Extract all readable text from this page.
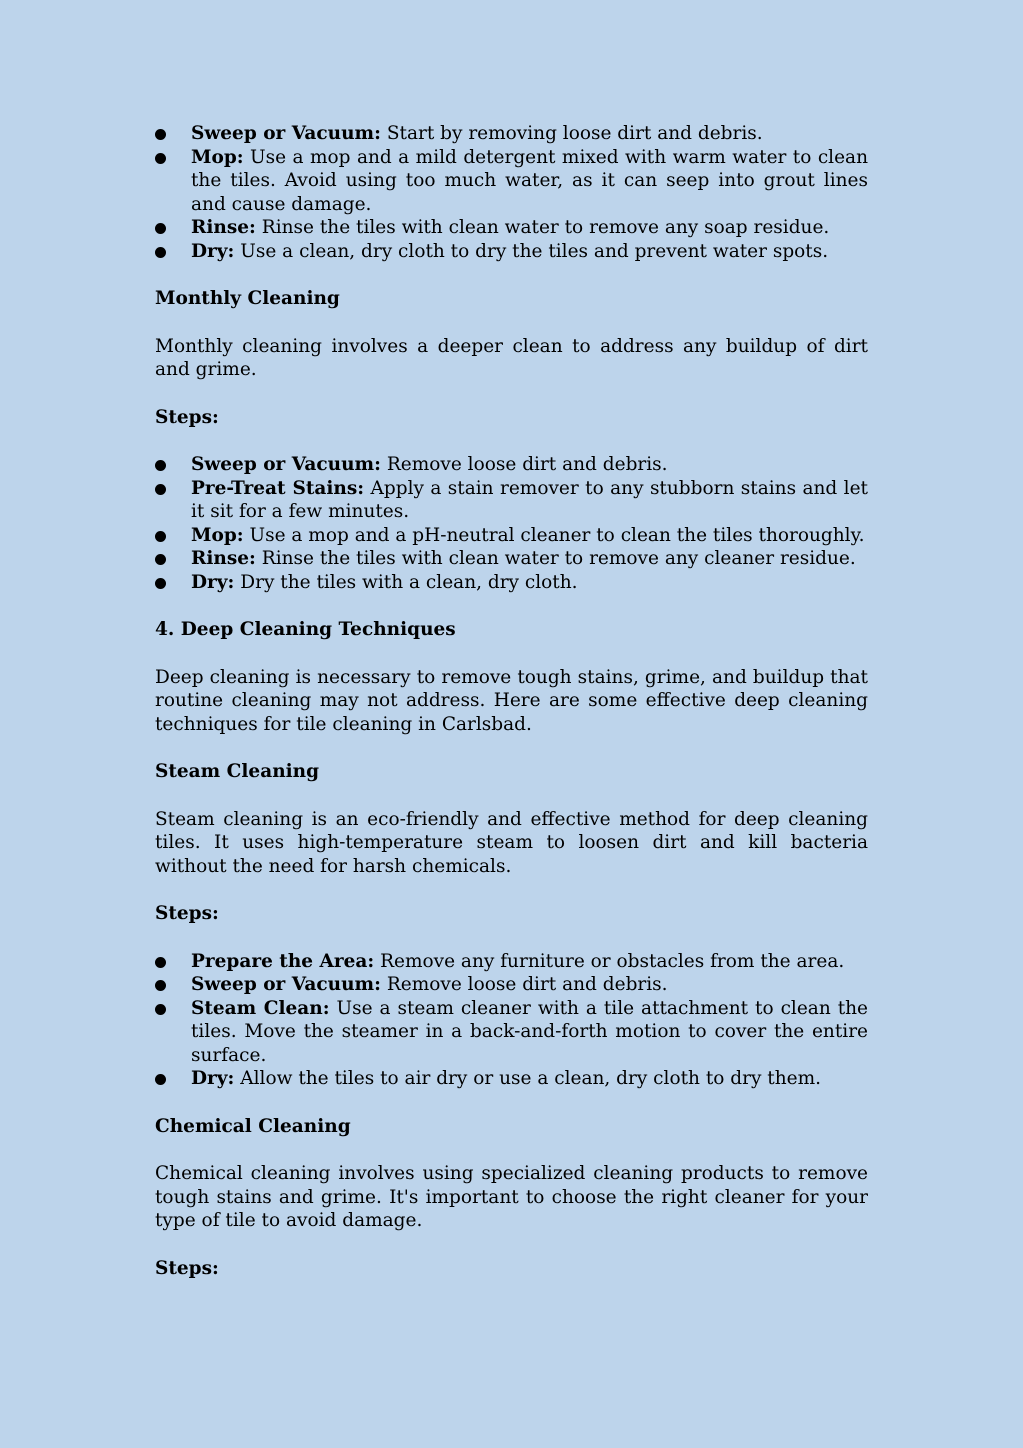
Sweep or Vacuum: Start by removing loose dirt and debris.
Mop: Use a mop and a mild detergent mixed with warm water to clean the tiles. Avoid using too much water, as it can seep into grout lines and cause damage.
Rinse: Rinse the tiles with clean water to remove any soap residue.
Dry: Use a clean, dry cloth to dry the tiles and prevent water spots.
Monthly Cleaning

Monthly cleaning involves a deeper clean to address any buildup of dirt and grime.

Steps:
Sweep or Vacuum: Remove loose dirt and debris.
Pre-Treat Stains: Apply a stain remover to any stubborn stains and let it sit for a few minutes.
Mop: Use a mop and a pH-neutral cleaner to clean the tiles thoroughly.
Rinse: Rinse the tiles with clean water to remove any cleaner residue.
Dry: Dry the tiles with a clean, dry cloth.
4. Deep Cleaning Techniques

Deep cleaning is necessary to remove tough stains, grime, and buildup that routine cleaning may not address. Here are some effective deep cleaning techniques for tile cleaning in Carlsbad.

Steam Cleaning

Steam cleaning is an eco-friendly and effective method for deep cleaning tiles. It uses high-temperature steam to loosen dirt and kill bacteria without the need for harsh chemicals.

Steps:
Prepare the Area: Remove any furniture or obstacles from the area.
Sweep or Vacuum: Remove loose dirt and debris.
Steam Clean: Use a steam cleaner with a tile attachment to clean the tiles. Move the steamer in a back-and-forth motion to cover the entire surface.
Dry: Allow the tiles to air dry or use a clean, dry cloth to dry them.
Chemical Cleaning

Chemical cleaning involves using specialized cleaning products to remove tough stains and grime. It's important to choose the right cleaner for your type of tile to avoid damage.

Steps:
